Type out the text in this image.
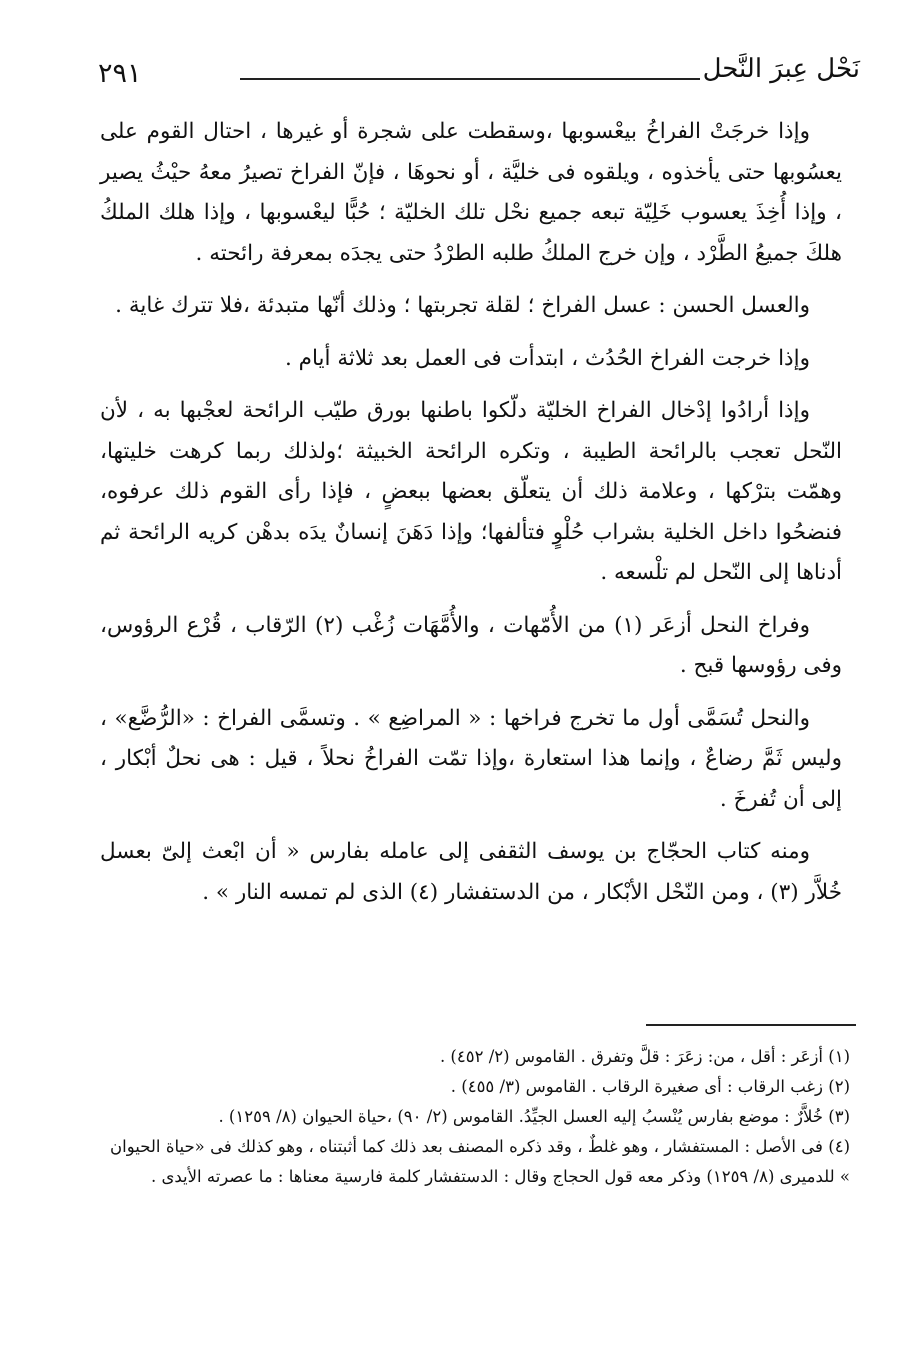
٢٩١	نَحْل عِبرَ النَّحل

وإذا خرجَتْ الفراخُ بيعْسوبها ،وسقطت على شجرة أو غيرها ، احتال القوم على يعسُوبها حتى يأخذوه ، ويلقوه فى خليَّة ، أو نحوهَا ، فإنّ الفراخ تصيرُ معهُ حيْثُ يصير ، وإذا أُخِذَ يعسوب خَلِيّة تبعه جميع نحْل تلك الخليّة ؛ حُبًّا ليعْسوبها ، وإذا هلك الملكُ هلكَ جميعُ الطَّرْد ، وإن خرج الملكُ طلبه الطرْدُ حتى يجدَه بمعرفة رائحته .

والعسل الحسن : عسل الفراخ ؛ لقلة تجربتها ؛ وذلك أنّها متبدئة ،فلا تترك غاية .

وإذا خرجت الفراخ الحُدُث ، ابتدأت فى العمل بعد ثلاثة أيام .

وإذا أرادُوا إدْخال الفراخ الخليّة دلّكوا باطنها بورق طيّب الرائحة لعجْبها به ، لأن النّحل تعجب بالرائحة الطيبة ، وتكره الرائحة الخبيثة ؛ولذلك ربما كرهت خليتها، وهمّت بترْكها ، وعلامة ذلك أن يتعلّق بعضها ببعضٍ ، فإذا رأى القوم ذلك عرفوه، فنضحُوا داخل الخلية بشراب حُلْوٍ فتألفها؛ وإذا دَهَنَ إنسانٌ يدَه بدهْن كريه الرائحة ثم أدناها إلى النّحل لم تلْسعه .

وفراخ النحل أزعَر (١) من الأُمّهات ، والأُمَّهَات زُغْب (٢) الرّقاب ، قُرْع الرؤوس، وفى رؤوسها قبح .

والنحل تُسَمَّى أول ما تخرج فراخها : « المراضِع » . وتسمَّى الفراخ : «الرُّضَّع» ، وليس ثَمَّ رضاعٌ ، وإنما هذا استعارة ،وإذا تمّت الفراخُ نحلاً ، قيل : هى نحلٌ أبْكار ، إلى أن تُفرخَ .

ومنه كتاب الحجّاج بن يوسف الثقفى إلى عامله بفارس « أن ابْعث إلىّ بعسل خُلاَّر (٣) ، ومن النّحْل الأبْكار ، من الدستفشار (٤) الذى لم تمسه النار » .

(١) أزعَر : أقل ، من: زعَرَ : قلَّ وتفرق . القاموس (٢/ ٤٥٢) .

(٢) زغب الرقاب : أى صغيرة الرقاب . القاموس (٣/ ٤٥٥) .

(٣) خُلاَّرٌ : موضع بفارس يُنْسبُ إليه العسل الجيِّدُ. القاموس (٢/ ٩٠) ،حياة الحيوان (٨/ ١٢٥٩) .

(٤) فى الأصل : المستفشار ، وهو غلطٌ ، وقد ذكره المصنف بعد ذلك كما أثبتناه ، وهو كذلك فى «حياة الحيوان » للدميرى (٨/ ١٢٥٩) وذكر معه قول الحجاج وقال : الدستفشار كلمة فارسية معناها : ما عصرته الأيدى .
